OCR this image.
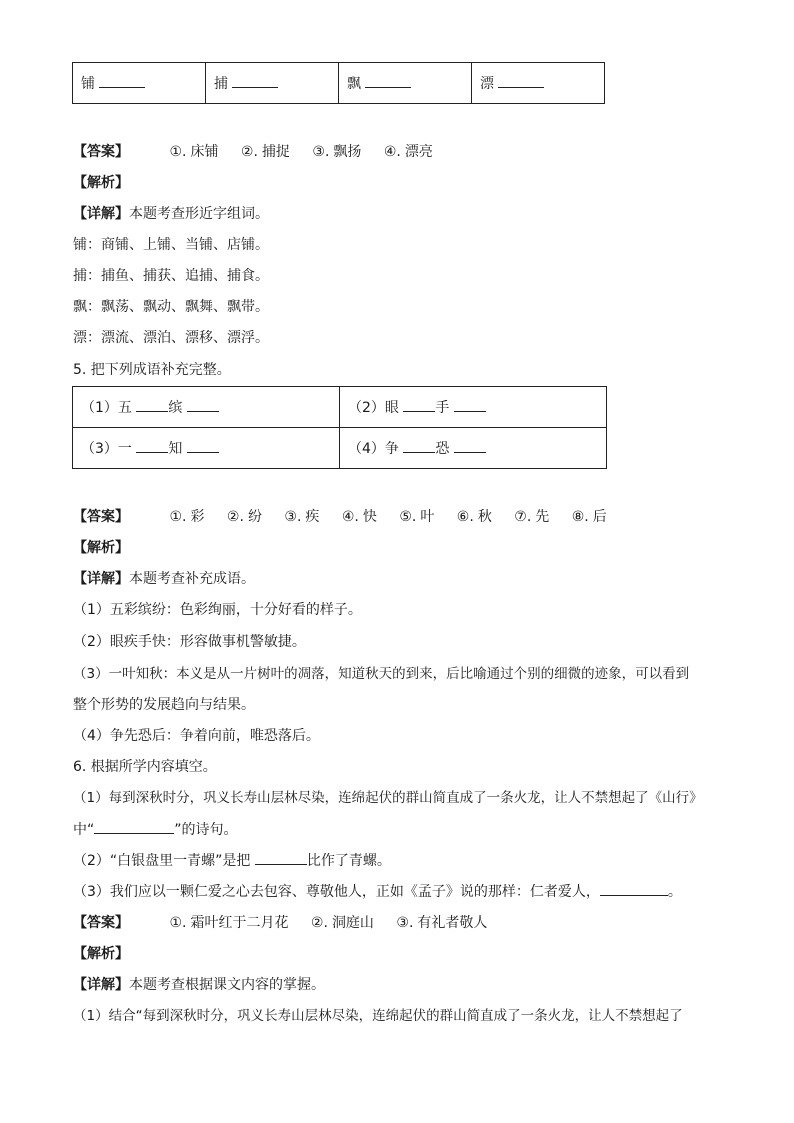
铺	捕	飘	漂
【答案】	①. 床铺 ②. 捕捉 ③. 飘扬 ④. 漂亮
【解析】
【详解】本题考查形近字组词。
铺：商铺、上铺、当铺、店铺。
捕：捕鱼、捕获、追捕、捕食。
飘：飘荡、飘动、飘舞、飘带。
漂：漂流、漂泊、漂移、漂浮。
5. 把下列成语补充完整。
（1）五 缤	（2）眼 手
（3）一 知	（4）争 恐
【答案】	①. 彩 ②. 纷 ③. 疾 ④. 快 ⑤. 叶 ⑥. 秋 ⑦. 先 ⑧. 后
【解析】
【详解】本题考查补充成语。
（1）五彩缤纷：色彩绚丽，十分好看的样子。
（2）眼疾手快：形容做事机警敏捷。
（3）一叶知秋：本义是从一片树叶的凋落，知道秋天的到来，后比喻通过个别的细微的迹象，可以看到
整个形势的发展趋向与结果。
（4）争先恐后：争着向前，唯恐落后。
6. 根据所学内容填空。
（1）每到深秋时分，巩义长寿山层林尽染，连绵起伏的群山简直成了一条火龙，让人不禁想起了《山行》
中“	”的诗句。
（2）“白银盘里一青螺”是把	比作了青螺。
（3）我们应以一颗仁爱之心去包容、尊敬他人，正如《孟子》说的那样：仁者爱人，	。
【答案】	①. 霜叶红于二月花 ②. 洞庭山 ③. 有礼者敬人
【解析】
【详解】本题考查根据课文内容的掌握。
（1）结合“每到深秋时分，巩义长寿山层林尽染，连绵起伏的群山简直成了一条火龙，让人不禁想起了
